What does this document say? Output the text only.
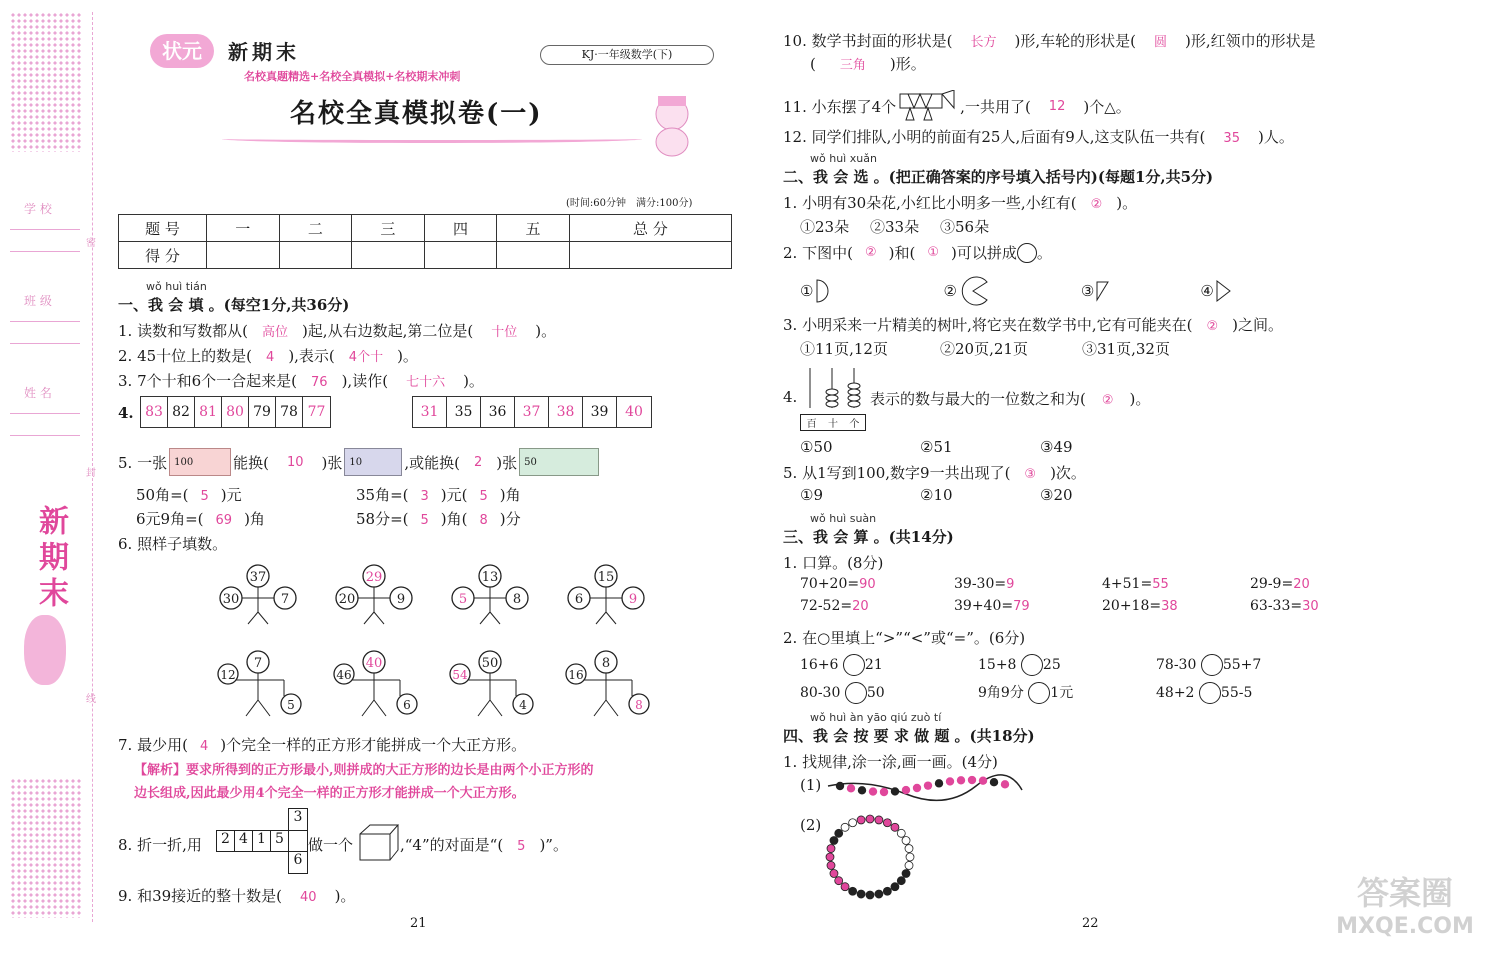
学 校
班 级
姓 名
密
封
线
新期末
状元	新期末
名校真题精选+名校全真模拟+名校期末冲刺
KJ·一年级数学(下)
名校全真模拟卷(一)
(时间:60分钟　满分:100分)
题 号	一	二	三	四	五	总 分
得 分						
wǒ huì tián
一、我 会 填 。(每空1分,共36分)
1. 读数和写数都从( 高位 )起,从右边数起,第二位是( 十位 )。
2. 45十位上的数是( 4 ),表示( 4个十 )。
3. 7个十和6个一合起来是( 76 ),读作( 七十六 )。
4. 83 82 81 80 79 78 77	31	35	36	37	38	39	40
5. 一张 100	能换(	10	)张 10	,或能换(	2 )张 50
50角=( 5 )元	35角=( 3 )元( 5 )角
6元9角=( 69 )角	58分=( 5 )角( 8 )分
6. 照样子填数。
37
30	7
29
20	9
13
5	8
15
6	9
7
12
5
40
46
6
50
54
4
8
16
8
7. 最少用( 4 )个完全一样的正方形才能拼成一个大正方形。
【解析】要求所得到的正方形最小,则拼成的大正方形的边长是由两个小正方形的
边长组成,因此最少用4个完全一样的正方形才能拼成一个大正方形。
8. 折一折,用 2 4 1 5
3
6
做一个	,“4”的对面是“( 5 )”。
9. 和39接近的整十数是( 40 )。
21
10. 数学书封面的形状是( 长方 )形,车轮的形状是( 圆 )形,红领巾的形状是
( 三角 )形。
11. 小东摆了4个	,一共用了(	12	)个△。
12. 同学们排队,小明的前面有25人,后面有9人,这支队伍一共有( 35 )人。
wǒ huì xuǎn
二、我 会 选 。(把正确答案的序号填入括号内)(每题1分,共5分)
1. 小明有30朵花,小红比小明多一些,小红有( ② )。
①23朵 ②33朵 ③56朵
2. 下图中( ② )和( ① )可以拼成 。
①	②	③	④
3. 小明采来一片精美的树叶,将它夹在数学书中,它有可能夹在( ② )之间。
①11页,12页	②20页,21页	③31页,32页
4.
百	十	个
表示的数与最大的一位数之和为( ② )。
①50	②51	③49
5. 从1写到100,数字9一共出现了( ③ )次。
①9	②10	③20
wǒ huì suàn
三、我 会 算 。(共14分)
1. 口算。(8分)
70+20=90	39-30=9	4+51=55	29-9=20
72-52=20	39+40=79	20+18=38	63-33=30
2. 在○里填上“>”“<”或“=”。(6分)
16+6 21	15+8 25	78-30 55+7
80-30 50	9角9分 1元	48+2 55-5
wǒ huì àn yāo qiú zuò tí
四、我 会 按 要 求 做 题 。(共18分)
1. 找规律,涂一涂,画一画。(4分)
(1)
(2)
22
答案圈
MXQE.COM
